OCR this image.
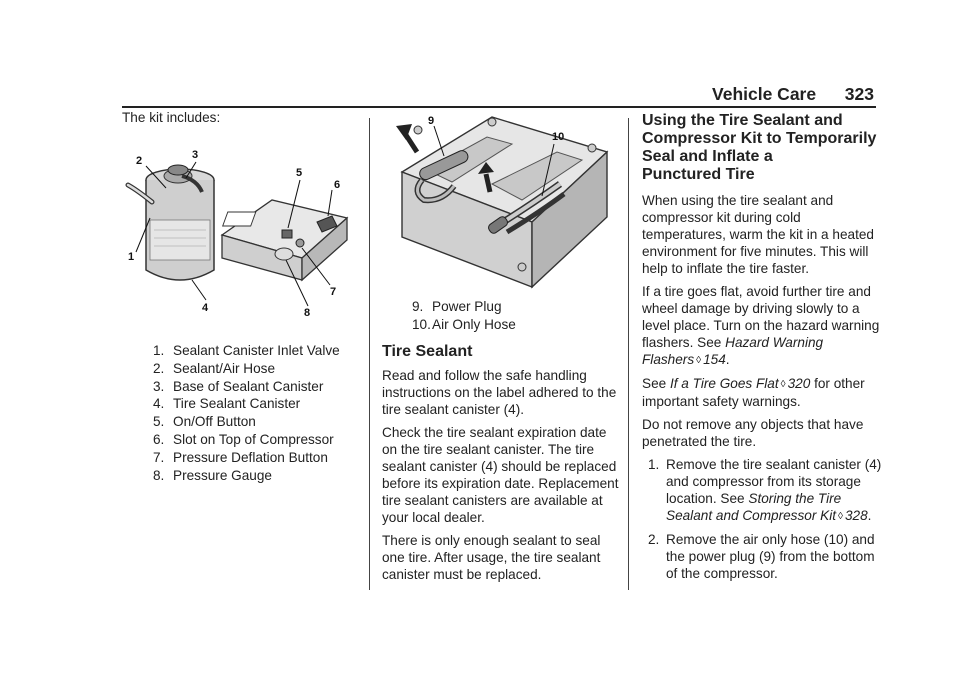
Vehicle Care 323
The kit includes:
1
2	3
4
5
6
7
8
1. Sealant Canister Inlet Valve
2. Sealant/Air Hose
3. Base of Sealant Canister
4. Tire Sealant Canister
5. On/Off Button
6. Slot on Top of Compressor
7. Pressure Deflation Button
8. Pressure Gauge
9
10
9. Power Plug
10. Air Only Hose
Tire Sealant

Read and follow the safe handling instructions on the label adhered to the tire sealant canister (4).

Check the tire sealant expiration date on the tire sealant canister. The tire sealant canister (4) should be replaced before its expiration date. Replacement tire sealant canisters are available at your local dealer.

There is only enough sealant to seal one tire. After usage, the tire sealant canister must be replaced.

Using the Tire Sealant and
Compressor Kit to Temporarily
Seal and Inflate a
Punctured Tire

When using the tire sealant and compressor kit during cold temperatures, warm the kit in a heated environment for five minutes. This will help to inflate the tire faster.

If a tire goes flat, avoid further tire and wheel damage by driving slowly to a level place. Turn on the hazard warning flashers. See Hazard Warning Flashers ◊ 154.

See If a Tire Goes Flat ◊ 320 for other important safety warnings.

Do not remove any objects that have penetrated the tire.

1. Remove the tire sealant canister (4) and compressor from its storage location. See Storing the Tire Sealant and Compressor Kit ◊ 328.
2. Remove the air only hose (10) and the power plug (9) from the bottom of the compressor.
